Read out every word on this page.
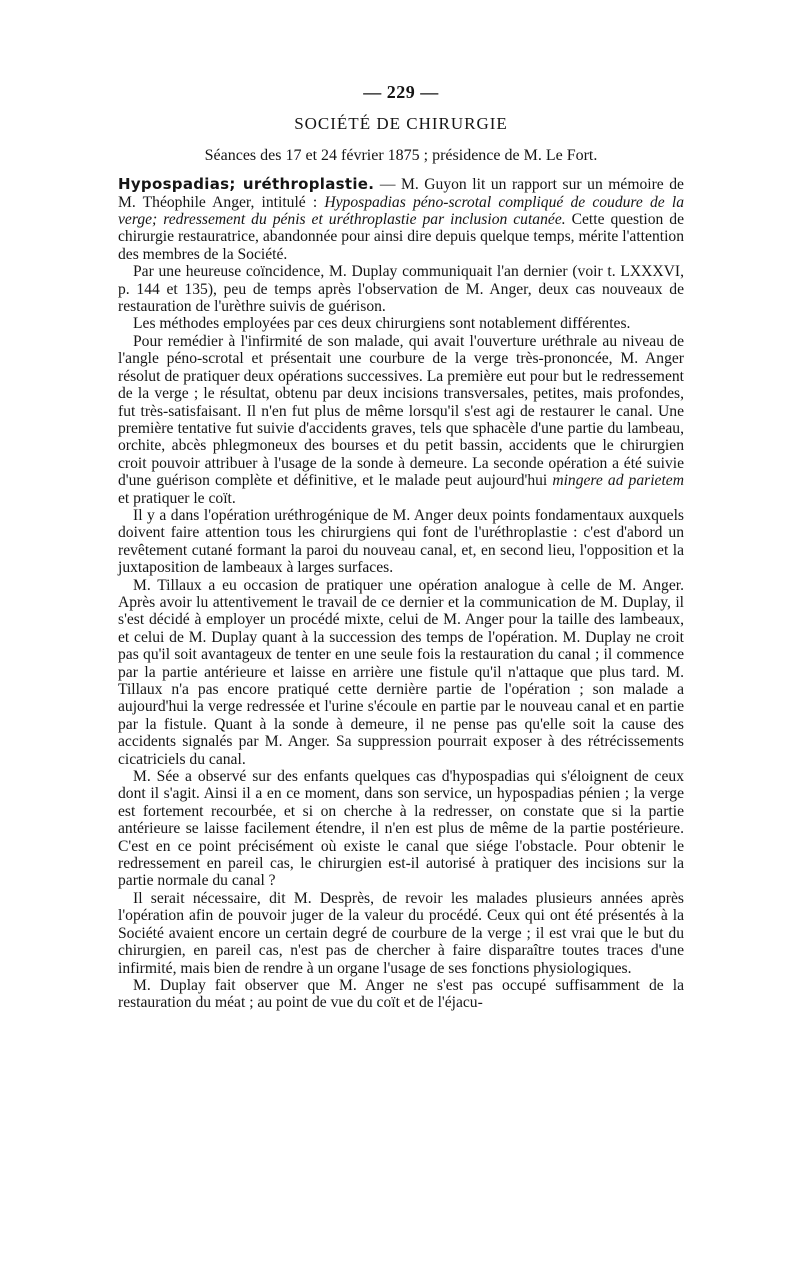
— 229 —
SOCIÉTÉ DE CHIRURGIE
Séances des 17 et 24 février 1875 ; présidence de M. Le Fort.

Hypospadias; uréthroplastie. — M. Guyon lit un rapport sur un mémoire de M. Théophile Anger, intitulé : Hypospadias péno-scrotal compliqué de coudure de la verge; redressement du pénis et uréthroplastie par inclusion cutanée. Cette question de chirurgie restauratrice, abandonnée pour ainsi dire depuis quelque temps, mérite l'attention des membres de la Société.

Par une heureuse coïncidence, M. Duplay communiquait l'an dernier (voir t. LXXXVI, p. 144 et 135), peu de temps après l'observation de M. Anger, deux cas nouveaux de restauration de l'urèthre suivis de guérison.

Les méthodes employées par ces deux chirurgiens sont notablement différentes.

Pour remédier à l'infirmité de son malade, qui avait l'ouverture uréthrale au niveau de l'angle péno-scrotal et présentait une courbure de la verge très-prononcée, M. Anger résolut de pratiquer deux opérations successives. La première eut pour but le redressement de la verge ; le résultat, obtenu par deux incisions transversales, petites, mais profondes, fut très-satisfaisant. Il n'en fut plus de même lorsqu'il s'est agi de restaurer le canal. Une première tentative fut suivie d'accidents graves, tels que sphacèle d'une partie du lambeau, orchite, abcès phlegmoneux des bourses et du petit bassin, accidents que le chirurgien croit pouvoir attribuer à l'usage de la sonde à demeure. La seconde opération a été suivie d'une guérison complète et définitive, et le malade peut aujourd'hui mingere ad parietem et pratiquer le coït.

Il y a dans l'opération uréthrogénique de M. Anger deux points fondamentaux auxquels doivent faire attention tous les chirurgiens qui font de l'uréthroplastie : c'est d'abord un revêtement cutané formant la paroi du nouveau canal, et, en second lieu, l'opposition et la juxtaposition de lambeaux à larges surfaces.

M. Tillaux a eu occasion de pratiquer une opération analogue à celle de M. Anger. Après avoir lu attentivement le travail de ce dernier et la communication de M. Duplay, il s'est décidé à employer un procédé mixte, celui de M. Anger pour la taille des lambeaux, et celui de M. Duplay quant à la succession des temps de l'opération. M. Duplay ne croit pas qu'il soit avantageux de tenter en une seule fois la restauration du canal ; il commence par la partie antérieure et laisse en arrière une fistule qu'il n'attaque que plus tard. M. Tillaux n'a pas encore pratiqué cette dernière partie de l'opération ; son malade a aujourd'hui la verge redressée et l'urine s'écoule en partie par le nouveau canal et en partie par la fistule. Quant à la sonde à demeure, il ne pense pas qu'elle soit la cause des accidents signalés par M. Anger. Sa suppression pourrait exposer à des rétrécissements cicatriciels du canal.

M. Sée a observé sur des enfants quelques cas d'hypospadias qui s'éloignent de ceux dont il s'agit. Ainsi il a en ce moment, dans son service, un hypospadias pénien ; la verge est fortement recourbée, et si on cherche à la redresser, on constate que si la partie antérieure se laisse facilement étendre, il n'en est plus de même de la partie postérieure. C'est en ce point précisément où existe le canal que siége l'obstacle. Pour obtenir le redressement en pareil cas, le chirurgien est-il autorisé à pratiquer des incisions sur la partie normale du canal ?

Il serait nécessaire, dit M. Desprès, de revoir les malades plusieurs années après l'opération afin de pouvoir juger de la valeur du procédé. Ceux qui ont été présentés à la Société avaient encore un certain degré de courbure de la verge ; il est vrai que le but du chirurgien, en pareil cas, n'est pas de chercher à faire disparaître toutes traces d'une infirmité, mais bien de rendre à un organe l'usage de ses fonctions physiologiques.

M. Duplay fait observer que M. Anger ne s'est pas occupé suffisamment de la restauration du méat ; au point de vue du coït et de l'éjacu-
